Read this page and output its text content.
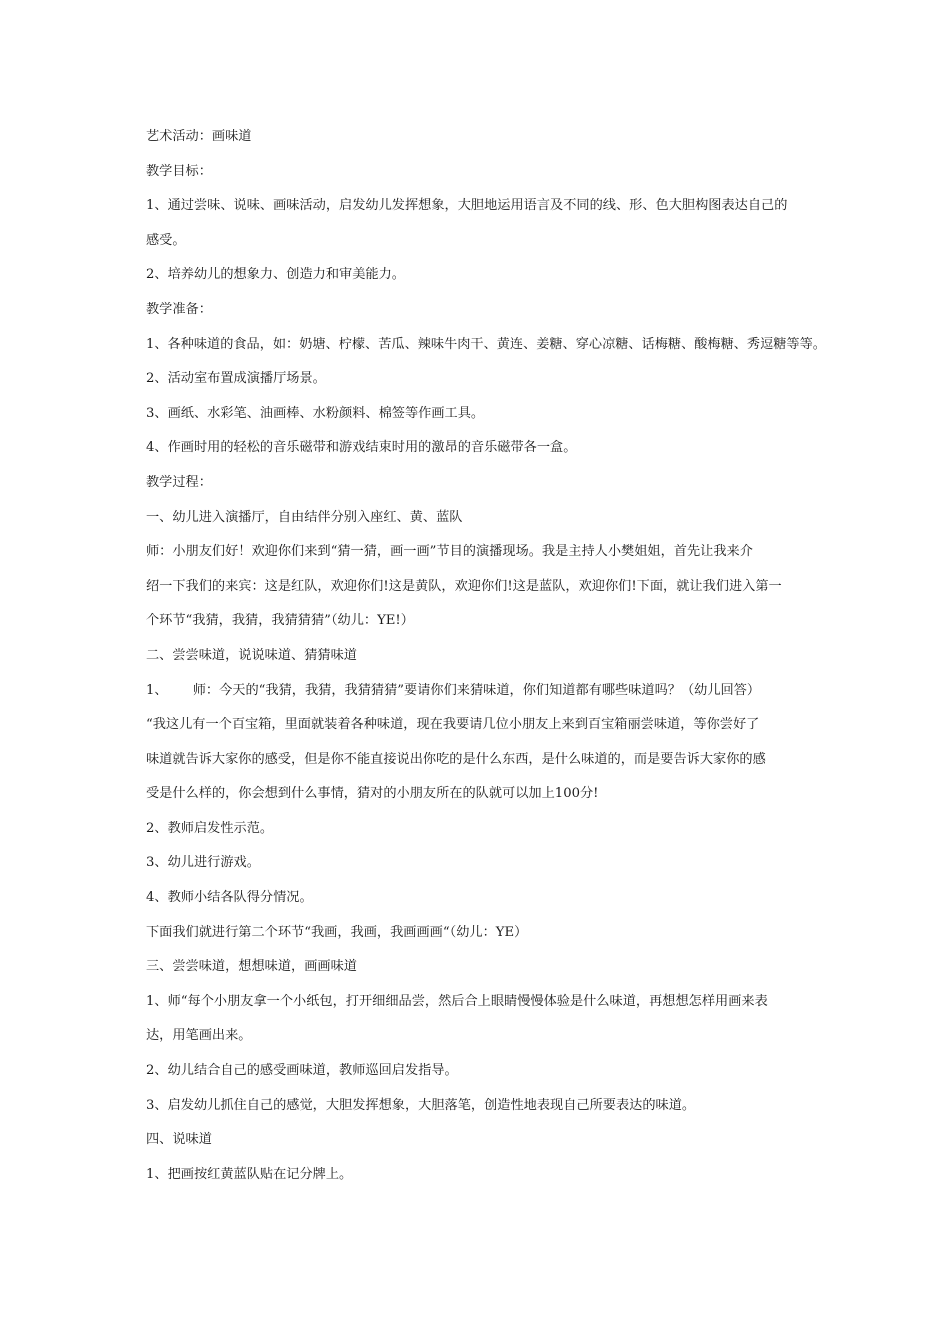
艺术活动：画味道
教学目标：
1、通过尝味、说味、画味活动，启发幼儿发挥想象，大胆地运用语言及不同的线、形、色大胆构图表达自己的
感受。
2、培养幼儿的想象力、创造力和审美能力。
教学准备：
1、各种味道的食品，如：奶塘、柠檬、苦瓜、辣味牛肉干、黄连、姜糖、穿心凉糖、话梅糖、酸梅糖、秀逗糖等等。
2、活动室布置成演播厅场景。
3、画纸、水彩笔、油画棒、水粉颜料、棉签等作画工具。
4、作画时用的轻松的音乐磁带和游戏结束时用的激昂的音乐磁带各一盒。
教学过程：
一、幼儿进入演播厅，自由结伴分别入座红、黄、蓝队
师：小朋友们好！欢迎你们来到“猜一猜，画一画”节目的演播现场。我是主持人小樊姐姐，首先让我来介
绍一下我们的来宾：这是红队，欢迎你们!这是黄队，欢迎你们!这是蓝队，欢迎你们!下面，就让我们进入第一
个环节“我猜，我猜，我猜猜猜”（幼儿：YE!）
二、尝尝味道，说说味道、猜猜味道
1、      师：今天的“我猜，我猜，我猜猜猜”要请你们来猜味道，你们知道都有哪些味道吗？（幼儿回答）
“我这儿有一个百宝箱，里面就装着各种味道，现在我要请几位小朋友上来到百宝箱丽尝味道，等你尝好了
味道就告诉大家你的感受，但是你不能直接说出你吃的是什么东西，是什么味道的，而是要告诉大家你的感
受是什么样的，你会想到什么事情，猜对的小朋友所在的队就可以加上100分!
2、教师启发性示范。
3、幼儿进行游戏。
4、教师小结各队得分情况。
下面我们就进行第二个环节“我画，我画，我画画画“（幼儿：YE）
三、尝尝味道，想想味道，画画味道
1、师“每个小朋友拿一个小纸包，打开细细品尝，然后合上眼睛慢慢体验是什么味道，再想想怎样用画来表
达，用笔画出来。
2、幼儿结合自己的感受画味道，教师巡回启发指导。
3、启发幼儿抓住自己的感觉，大胆发挥想象，大胆落笔，创造性地表现自己所要表达的味道。
四、说味道
1、把画按红黄蓝队贴在记分牌上。
